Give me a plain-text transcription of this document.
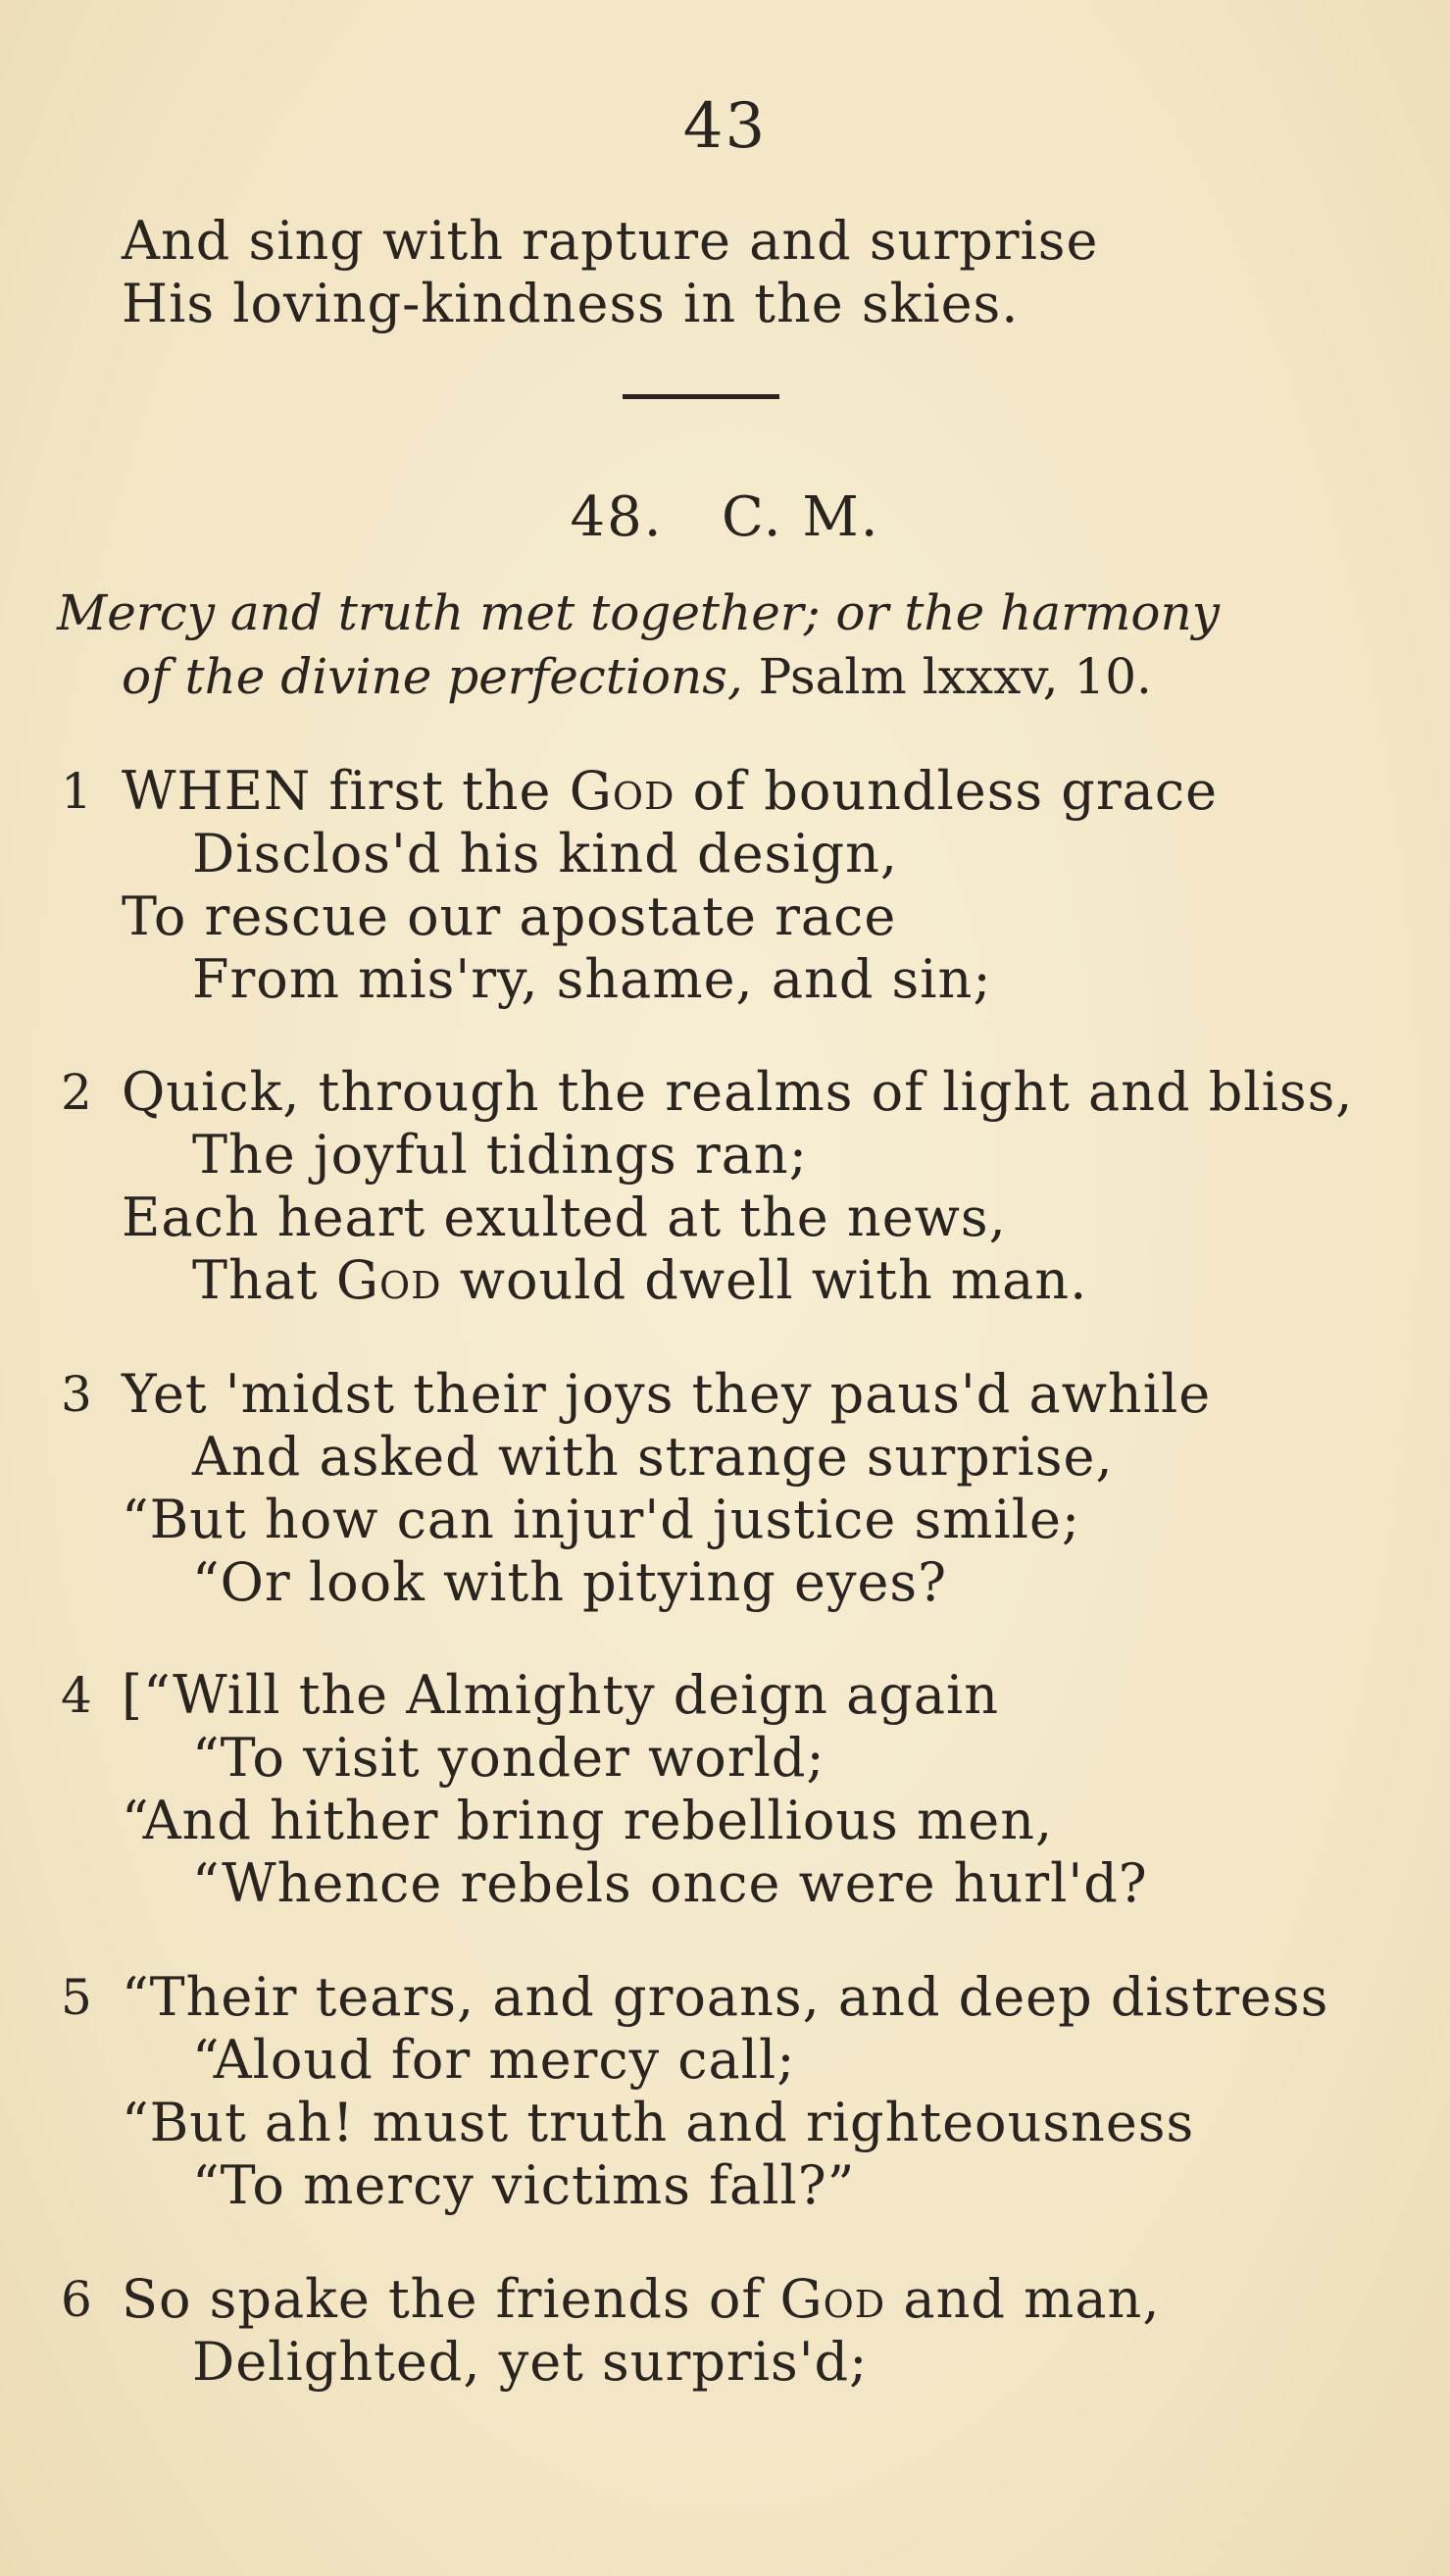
43
And sing with rapture and surprise
His loving-kindness in the skies.
48. C. M.
Mercy and truth met together; or the harmony
of the divine perfections, Psalm lxxxv, 10.
1 WHEN first the God of boundless grace
Disclos'd his kind design,
To rescue our apostate race
From mis'ry, shame, and sin;
2 Quick, through the realms of light and bliss,
The joyful tidings ran;
Each heart exulted at the news,
That God would dwell with man.
3 Yet 'midst their joys they paus'd awhile
And asked with strange surprise,
“But how can injur'd justice smile;
“Or look with pitying eyes?
4 [“Will the Almighty deign again
“To visit yonder world;
“And hither bring rebellious men,
“Whence rebels once were hurl'd?
5 “Their tears, and groans, and deep distress
“Aloud for mercy call;
“But ah! must truth and righteousness
“To mercy victims fall?”
6 So spake the friends of God and man,
Delighted, yet surpris'd;
